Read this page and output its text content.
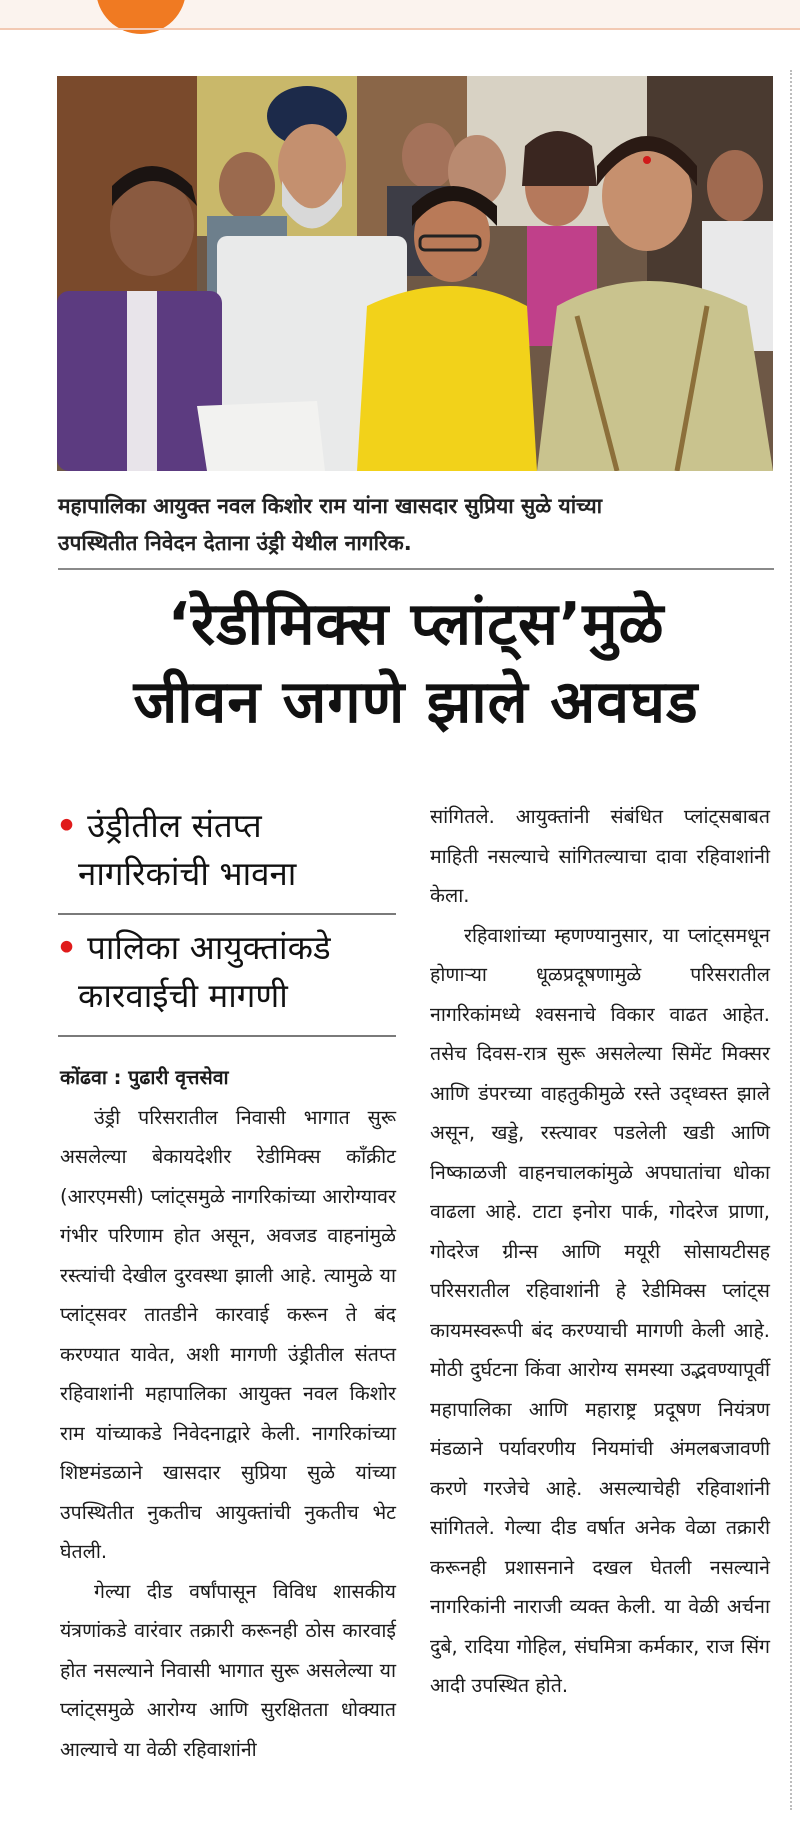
महापालिका आयुक्त नवल किशोर राम यांना खासदार सुप्रिया सुळे यांच्या
उपस्थितीत निवेदन देताना उंड्री येथील नागरिक.
‘रेडीमिक्स प्लांट्स’मुळे
जीवन जगणे झाले अवघड
• उंड्रीतील संतप्त नागरिकांची भावना
• पालिका आयुक्तांकडे कारवाईची मागणी

कोंढवा : पुढारी वृत्तसेवा

उंड्री परिसरातील निवासी भागात सुरू असलेल्या बेकायदेशीर रेडीमिक्स कॉंक्रीट (आरएमसी) प्लांट्समुळे नागरिकांच्या आरोग्यावर गंभीर परिणाम होत असून, अवजड वाहनांमुळे रस्त्यांची देखील दुरवस्था झाली आहे. त्यामुळे या प्लांट्सवर तातडीने कारवाई करून ते बंद करण्यात यावेत, अशी मागणी उंड्रीतील संतप्त रहिवाशांनी महापालिका आयुक्त नवल किशोर राम यांच्याकडे निवेदनाद्वारे केली. नागरिकांच्या शिष्टमंडळाने खासदार सुप्रिया सुळे यांच्या उपस्थितीत नुकतीच आयुक्तांची नुकतीच भेट घेतली.

गेल्या दीड वर्षांपासून विविध शासकीय यंत्रणांकडे वारंवार तक्रारी करूनही ठोस कारवाई होत नसल्याने निवासी भागात सुरू असलेल्या या प्लांट्समुळे आरोग्य आणि सुरक्षितता धोक्यात आल्याचे या वेळी रहिवाशांनी

सांगितले. आयुक्तांनी संबंधित प्लांट्सबाबत माहिती नसल्याचे सांगितल्याचा दावा रहिवाशांनी केला.

रहिवाशांच्या म्हणण्यानुसार, या प्लांट्समधून होणाऱ्या धूळप्रदूषणामुळे परिसरातील नागरिकांमध्ये श्वसनाचे विकार वाढत आहेत. तसेच दिवस-रात्र सुरू असलेल्या सिमेंट मिक्सर आणि डंपरच्या वाहतुकीमुळे रस्ते उद्ध्वस्त झाले असून, खड्डे, रस्त्यावर पडलेली खडी आणि निष्काळजी वाहनचालकांमुळे अपघातांचा धोका वाढला आहे. टाटा इनोरा पार्क, गोदरेज प्राणा, गोदरेज ग्रीन्स आणि मयूरी सोसायटीसह परिसरातील रहिवाशांनी हे रेडीमिक्स प्लांट्स कायमस्वरूपी बंद करण्याची मागणी केली आहे. मोठी दुर्घटना किंवा आरोग्य समस्या उद्भवण्यापूर्वी महापालिका आणि महाराष्ट्र प्रदूषण नियंत्रण मंडळाने पर्यावरणीय नियमांची अंमलबजावणी करणे गरजेचे आहे. असल्याचेही रहिवाशांनी सांगितले. गेल्या दीड वर्षात अनेक वेळा तक्रारी करूनही प्रशासनाने दखल घेतली नसल्याने नागरिकांनी नाराजी व्यक्त केली. या वेळी अर्चना दुबे, रादिया गोहिल, संघमित्रा कर्मकार, राज सिंग आदी उपस्थित होते.
